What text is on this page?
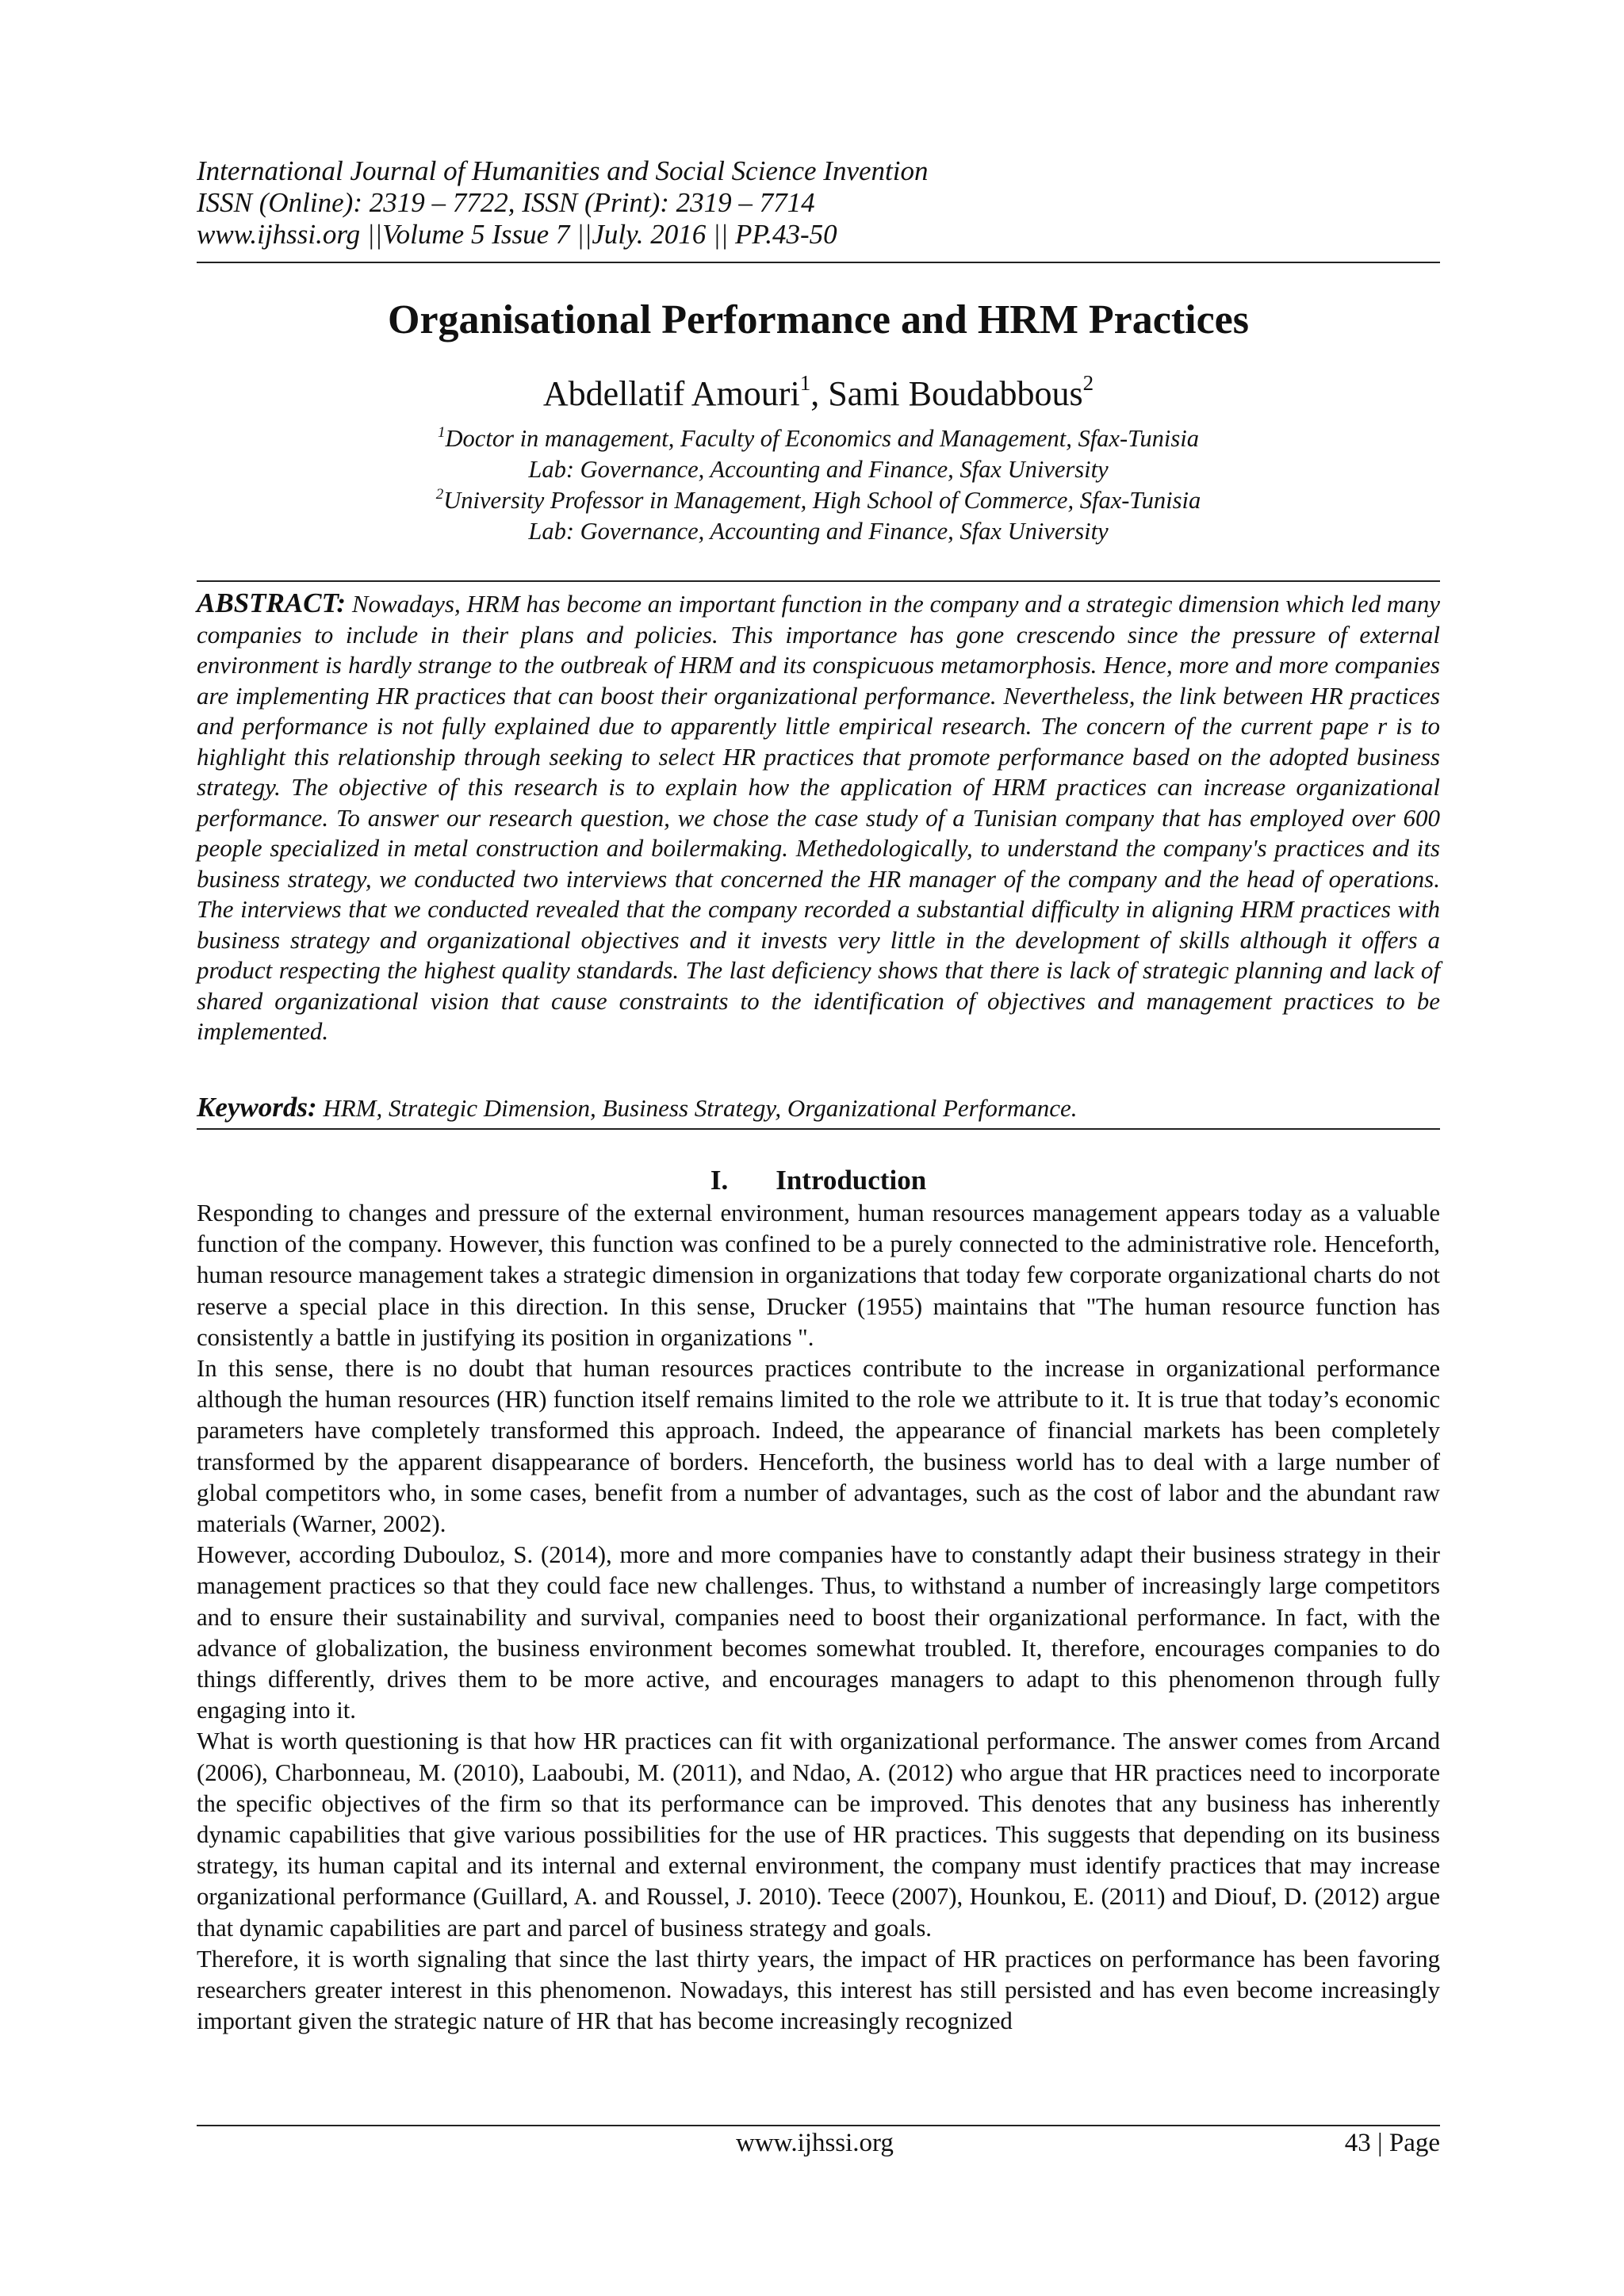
International Journal of Humanities and Social Science Invention
ISSN (Online): 2319 – 7722, ISSN (Print): 2319 – 7714
www.ijhssi.org ||Volume 5 Issue 7 ||July. 2016 || PP.43-50
Organisational Performance and HRM Practices
Abdellatif Amouri$^1$, Sami Boudabbous$^2$
$^1$Doctor in management, Faculty of Economics and Management, Sfax-Tunisia
Lab: Governance, Accounting and Finance, Sfax University
$^2$University Professor in Management, High School of Commerce, Sfax-Tunisia
Lab: Governance, Accounting and Finance, Sfax University
ABSTRACT: Nowadays, HRM has become an important function in the company and a strategic dimension which led many companies to include in their plans and policies. This importance has gone crescendo since the pressure of external environment is hardly strange to the outbreak of HRM and its conspicuous metamorphosis. Hence, more and more companies are implementing HR practices that can boost their organizational performance. Nevertheless, the link between HR practices and performance is not fully explained due to apparently little empirical research. The concern of the current pape r is to highlight this relationship through seeking to select HR practices that promote performance based on the adopted business strategy. The objective of this research is to explain how the application of HRM practices can increase organizational performance. To answer our research question, we chose the case study of a Tunisian company that has employed over 600 people specialized in metal construction and boilermaking. Methedologically, to understand the company's practices and its business strategy, we conducted two interviews that concerned the HR manager of the company and the head of operations. The interviews that we conducted revealed that the company recorded a substantial difficulty in aligning HRM practices with business strategy and organizational objectives and it invests very little in the development of skills although it offers a product respecting the highest quality standards. The last deficiency shows that there is lack of strategic planning and lack of shared organizational vision that cause constraints to the identification of objectives and management practices to be implemented.
Keywords: HRM, Strategic Dimension, Business Strategy, Organizational Performance.
I. Introduction

Responding to changes and pressure of the external environment, human resources management appears today as a valuable function of the company. However, this function was confined to be a purely connected to the administrative role. Henceforth, human resource management takes a strategic dimension in organizations that today few corporate organizational charts do not reserve a special place in this direction. In this sense, Drucker (1955) maintains that "The human resource function has consistently a battle in justifying its position in organizations ".

In this sense, there is no doubt that human resources practices contribute to the increase in organizational performance although the human resources (HR) function itself remains limited to the role we attribute to it. It is true that today’s economic parameters have completely transformed this approach. Indeed, the appearance of financial markets has been completely transformed by the apparent disappearance of borders. Henceforth, the business world has to deal with a large number of global competitors who, in some cases, benefit from a number of advantages, such as the cost of labor and the abundant raw materials (Warner, 2002).

However, according Dubouloz, S. (2014), more and more companies have to constantly adapt their business strategy in their management practices so that they could face new challenges. Thus, to withstand a number of increasingly large competitors and to ensure their sustainability and survival, companies need to boost their organizational performance. In fact, with the advance of globalization, the business environment becomes somewhat troubled. It, therefore, encourages companies to do things differently, drives them to be more active, and encourages managers to adapt to this phenomenon through fully engaging into it.

What is worth questioning is that how HR practices can fit with organizational performance. The answer comes from Arcand (2006), Charbonneau, M. (2010), Laaboubi, M. (2011), and Ndao, A. (2012) who argue that HR practices need to incorporate the specific objectives of the firm so that its performance can be improved. This denotes that any business has inherently dynamic capabilities that give various possibilities for the use of HR practices. This suggests that depending on its business strategy, its human capital and its internal and external environment, the company must identify practices that may increase organizational performance (Guillard, A. and Roussel, J. 2010). Teece (2007), Hounkou, E. (2011) and Diouf, D. (2012) argue that dynamic capabilities are part and parcel of business strategy and goals.

Therefore, it is worth signaling that since the last thirty years, the impact of HR practices on performance has been favoring researchers greater interest in this phenomenon. Nowadays, this interest has still persisted and has even become increasingly important given the strategic nature of HR that has become increasingly recognized

www.ijhssi.org	43 | Page
